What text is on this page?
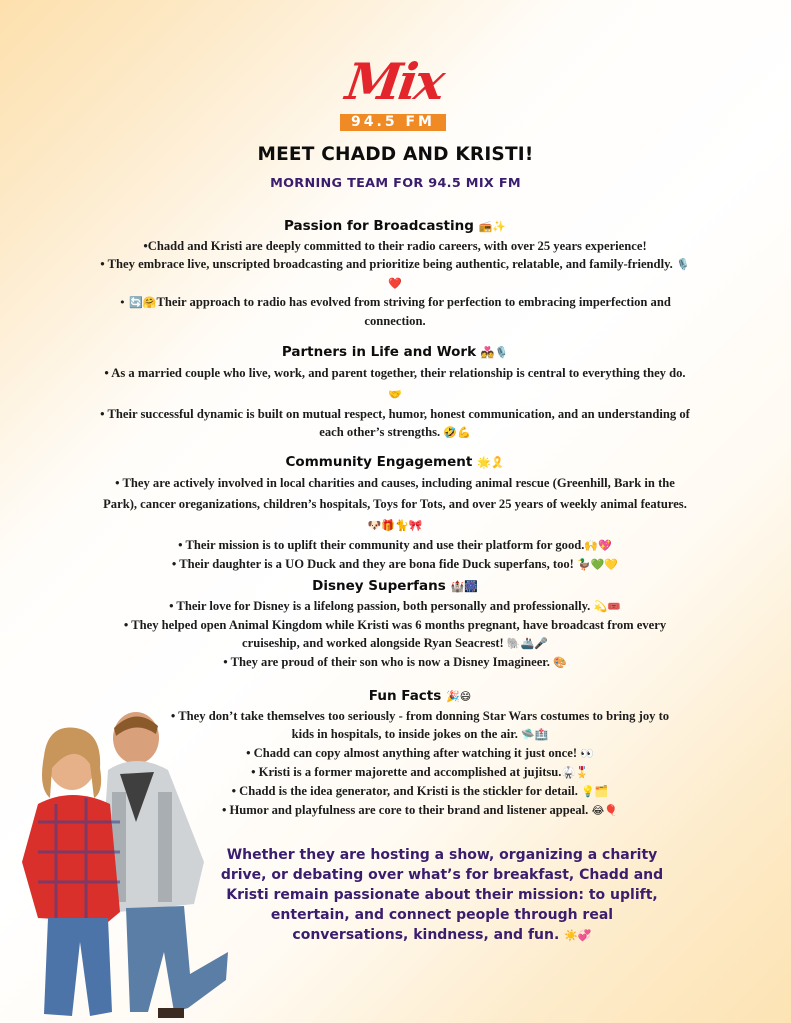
Mix
94.5 FM
MEET CHADD AND KRISTI!
MORNING TEAM FOR 94.5 MIX FM
Passion for Broadcasting 📻✨

•Chadd and Kristi are deeply committed to their radio careers, with over 25 years experience!

• They embrace live, unscripted broadcasting and prioritize being authentic, relatable, and family-friendly. 🎙️❤️

• 🔄🤗Their approach to radio has evolved from striving for perfection to embracing imperfection and connection.

Partners in Life and Work 💑🎙️

• As a married couple who live, work, and parent together, their relationship is central to everything they do. 🤝

• Their successful dynamic is built on mutual respect, humor, honest communication, and an understanding of each other’s strengths. 🤣💪

Community Engagement 🌟🎗️

• They are actively involved in local charities and causes, including animal rescue (Greenhill, Bark in the Park), cancer oreganizations, children’s hospitals, Toys for Tots, and over 25 years of weekly animal features. 🐶🎁🐈🎀

• Their mission is to uplift their community and use their platform for good.🙌💖

• Their daughter is a UO Duck and they are bona fide Duck superfans, too! 🦆💚💛

Disney Superfans 🏰🎆

• Their love for Disney is a lifelong passion, both personally and professionally. 💫🎟️

• They helped open Animal Kingdom while Kristi was 6 months pregnant, have broadcast from every cruiseship, and worked alongside Ryan Seacrest! 🐘🚢🎤

• They are proud of their son who is now a Disney Imagineer. 🎨

Fun Facts 🎉😄

• They don’t take themselves too seriously - from donning Star Wars costumes to bring joy to kids in hospitals, to inside jokes on the air. 🛸🏥

• Chadd can copy almost anything after watching it just once! 👀

• Kristi is a former majorette and accomplished at jujitsu.🥋🎖️

• Chadd is the idea generator, and Kristi is the stickler for detail. 💡🗂️

• Humor and playfulness are core to their brand and listener appeal. 😂🎈

Whether they are hosting a show, organizing a charity drive, or debating over what’s for breakfast, Chadd and Kristi remain passionate about their mission: to uplift, entertain, and connect people through real conversations, kindness, and fun. ☀️💞
